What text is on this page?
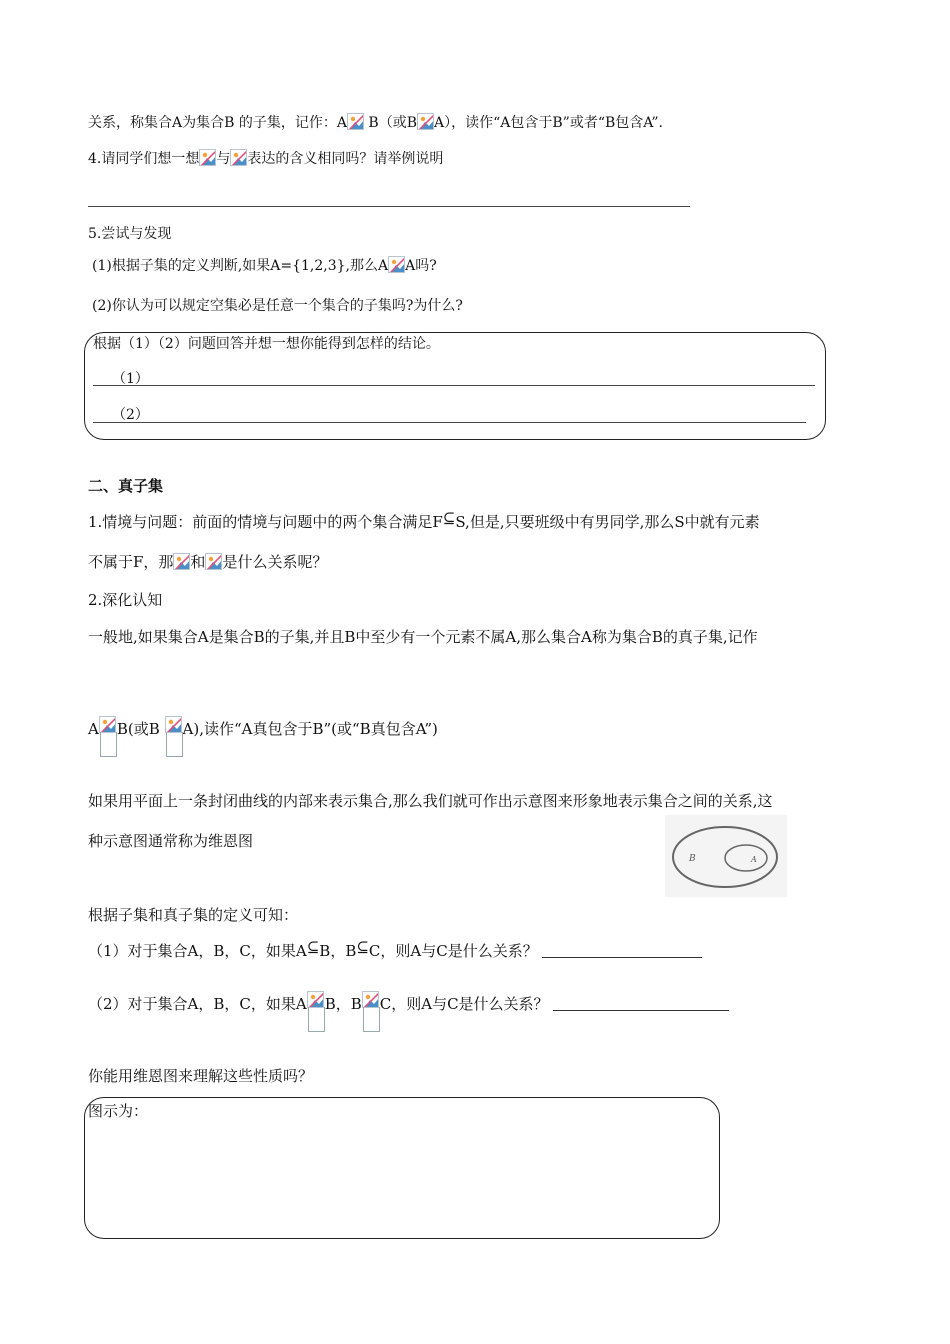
关系，称集合A为集合B 的子集，记作：A
B（或B A），读作“A包含于B”或者“B包含A”.
4.请同学们想一想 与 表达的含义相同吗？请举例说明
5.尝试与发现
(1)根据子集的定义判断,如果A={1,2,3},那么A A吗?
(2)你认为可以规定空集必是任意一个集合的子集吗?为什么?
根据（1）（2）问题回答并想一想你能得到怎样的结论。
（1）
（2）
二、真子集
1.情境与问题：前面的情境与问题中的两个集合满足F⊆S,但是,只要班级中有男同学,那么S中就有元素
不属于F，那 和 是什么关系呢？
2.深化认知
一般地,如果集合A是集合B的子集,并且B中至少有一个元素不属A,那么集合A称为集合B的真子集,记作
A B(或B
A),读作“A真包含于B”(或“B真包含A”)
如果用平面上一条封闭曲线的内部来表示集合,那么我们就可作出示意图来形象地表示集合之间的关系,这
种示意图通常称为维恩图
B	A
根据子集和真子集的定义可知：
（1）对于集合A，B，C，如果A⊆B，B⊆C，则A与C是什么关系？
（2）对于集合A，B，C，如果A B，B C，则A与C是什么关系？
你能用维恩图来理解这些性质吗？
图示为：
